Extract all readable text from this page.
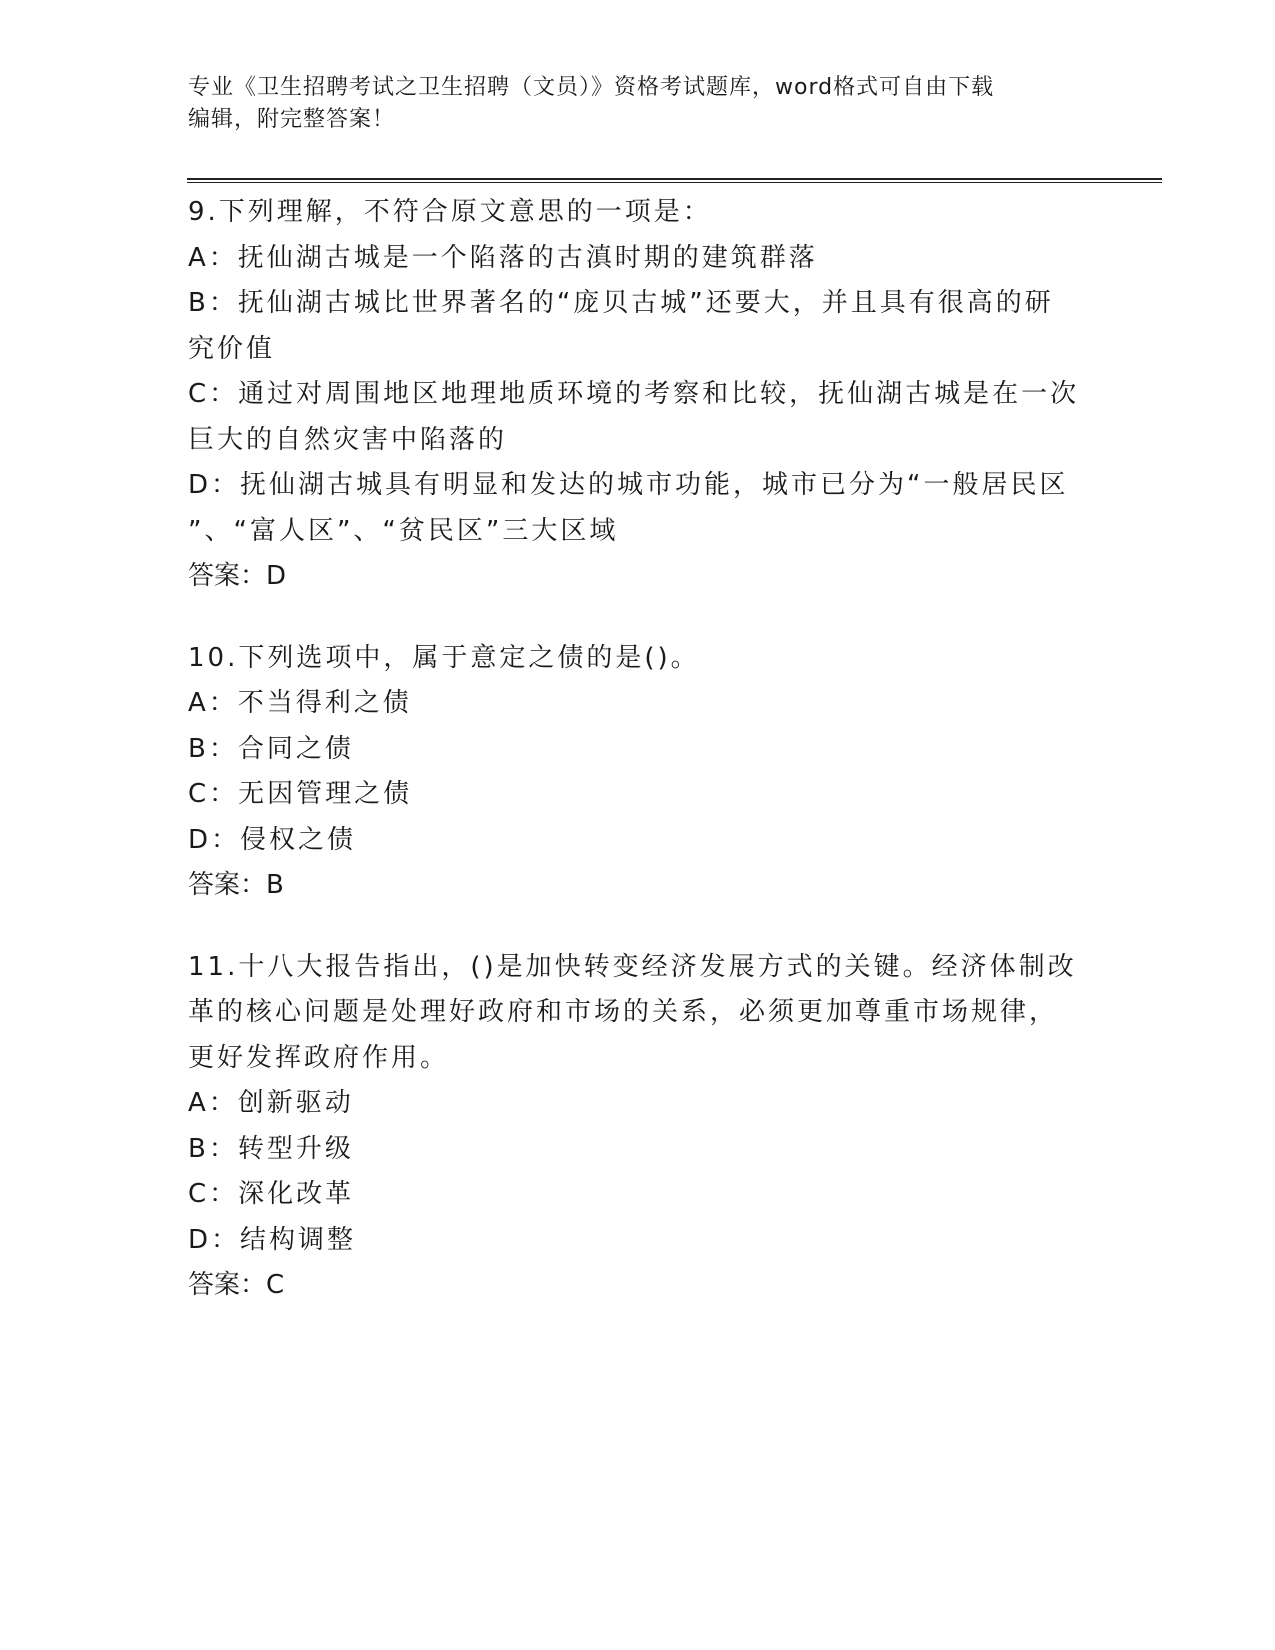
专业《卫生招聘考试之卫生招聘（文员）》资格考试题库，word格式可自由下载
编辑，附完整答案！
9.下列理解，不符合原文意思的一项是：
A：抚仙湖古城是一个陷落的古滇时期的建筑群落
B：抚仙湖古城比世界著名的“庞贝古城”还要大，并且具有很高的研
究价值
C：通过对周围地区地理地质环境的考察和比较，抚仙湖古城是在一次
巨大的自然灾害中陷落的
D：抚仙湖古城具有明显和发达的城市功能，城市已分为“一般居民区
”、“富人区”、“贫民区”三大区域
答案：D
10.下列选项中，属于意定之债的是()。
A：不当得利之债
B：合同之债
C：无因管理之债
D：侵权之债
答案：B
11.十八大报告指出，()是加快转变经济发展方式的关键。经济体制改
革的核心问题是处理好政府和市场的关系，必须更加尊重市场规律，
更好发挥政府作用。
A：创新驱动
B：转型升级
C：深化改革
D：结构调整
答案：C
